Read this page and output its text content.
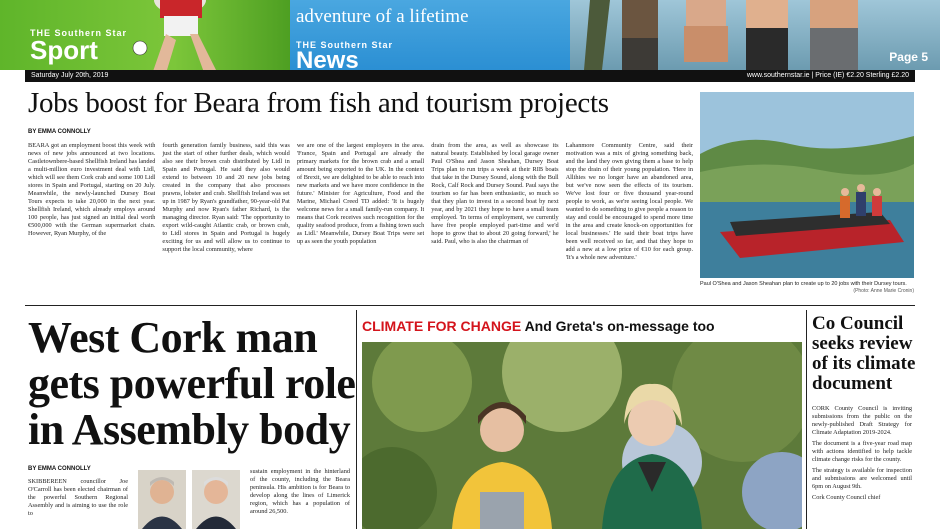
THE Southern Star
Sport
adventure of a lifetime
THE Southern Star
News	Page 5
Saturday July 20th, 2019	www.southernstar.ie | Price (IE) €2.20 Sterling £2.20
Jobs boost for Beara from fish and tourism projects
BY EMMA CONNOLLY
BEARA got an employment boost this week with news of new jobs announced at two locations. Castletownbere-based Shellfish Ireland has landed a multi-million euro investment deal with Lidl, which will see them Cork crab and some 100 Lidl stores in Spain and Portugal, starting on 20 July. Meanwhile, the newly-launched Dursey Boat Tours expects to take 20,000 in the next year. Shellfish Ireland, which already employs around 100 people, has just signed an initial deal worth €500,000 with the German supermarket chain. However, Ryan Murphy, of the
fourth generation family business, said this was just the start of other further deals, which would also see their brown crab distributed by Lidl in Spain and Portugal. He said they also would extend to between 10 and 20 new jobs being created in the company that also processes prawns, lobster and crab. Shellfish Ireland was set up in 1987 by Ryan's grandfather, 90-year-old Pat Murphy and now Ryan's father Richard, is the managing director. Ryan said: 'The opportunity to export wild-caught Atlantic crab, or brown crab, to Lidl stores in Spain and Portugal is hugely exciting for us and will allow us to continue to support the local community, where
we are one of the largest employers in the area. 'France, Spain and Portugal are already the primary markets for the brown crab and a small amount being exported to the UK. In the context of Brexit, we are delighted to be able to reach into new markets and we have more confidence in the future.' Minister for Agriculture, Food and the Marine, Michael Creed TD added: 'It is hugely welcome news for a small family-run company. It means that Cork receives such recognition for the quality seafood produce, from a fishing town such as Lidl.' Meanwhile, Dursey Boat Trips were set up as seen the youth population
drain from the area, as well as showcase its natural beauty. Established by local garage owner Paul O'Shea and Jason Sheahan, Dursey Boat Trips plan to run trips a week at their RIB boats that take in the Dursey Sound, along with the Bull Rock, Calf Rock and Dursey Sound. Paul says the tourism so far has been enthusiastic, so much so that they plan to invest in a second boat by next year, and by 2021 they hope to have a small team employed. 'In terms of employment, we currently have five people employed part-time and we'd hope to grow that to about 20 going forward,' he said. Paul, who is also the chairman of
Lahanmore Community Centre, said their motivation was a mix of giving something back, and the land they own giving them a base to help stop the drain of their young population. 'Here in Allihies we no longer have an abandoned area, but we've now seen the effects of its tourism. We've lost four or five thousand year-round people to work, as we're seeing local people. We wanted to do something to give people a reason to stay and could be encouraged to spend more time in the area and create knock-on opportunities for local businesses.' He said their boat trips have been well received so far, and that they hope to add a new at a low price of €10 for each group. 'It's a whole new adventure.'
Paul O'Shea and Jason Sheahan plan to create up to 20 jobs with their Dursey tours.
(Photo: Anne Marie Cronin)
West Cork man gets powerful role in Assembly body
BY EMMA CONNOLLY
SKIBBEREEN councillor Joe O'Carroll has been elected chairman of the powerful Southern Regional Assembly and is aiming to use the role to
sustain employment in the hinterland of the county, including the Beara peninsula. His ambition is for Beara to develop along the lines of Limerick region, which has a population of around 26,500.
CLIMATE FOR CHANGE And Greta's on-message too	Co Council seeks review of its climate document

CORK County Council is inviting submissions from the public on the newly-published Draft Strategy for Climate Adaptation 2019-2024.

The document is a five-year road map with actions identified to help tackle climate change risks for the county.

The strategy is available for inspection and submissions are welcomed until 6pm on August 9th.

Cork County Council chief
